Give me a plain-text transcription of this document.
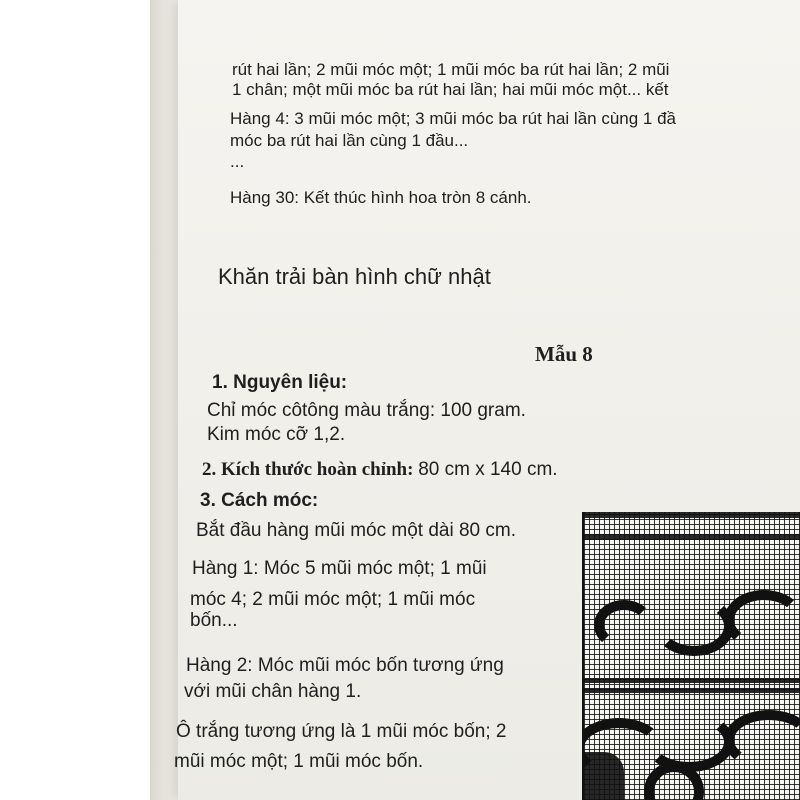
rút hai lần; 2 mũi móc một; 1 mũi móc ba rút hai lần; 2 mũi
1 chân; một mũi móc ba rút hai lần; hai mũi móc một... kết
Hàng 4: 3 mũi móc một; 3 mũi móc ba rút hai lần cùng 1 đầ
móc ba rút hai lần cùng 1 đầu...
...
Hàng 30: Kết thúc hình hoa tròn 8 cánh.
Khăn trải bàn hình chữ nhật
Mẫu 8
1. Nguyên liệu:
Chỉ móc côtông màu trắng: 100 gram.
Kim móc cỡ 1,2.
2. Kích thước hoàn chỉnh: 80 cm x 140 cm.
3. Cách móc:
Bắt đầu hàng mũi móc một dài 80 cm.
Hàng 1: Móc 5 mũi móc một; 1 mũi
móc 4; 2 mũi móc một; 1 mũi móc
bốn...
Hàng 2: Móc mũi móc bốn tương ứng
với mũi chân hàng 1.
Ô trắng tương ứng là 1 mũi móc bốn; 2
mũi móc một; 1 mũi móc bốn.
